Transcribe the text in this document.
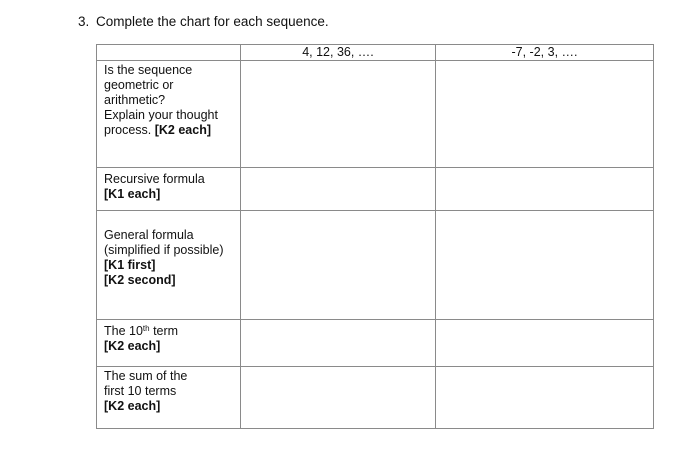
3. Complete the chart for each sequence.
	4, 12, 36, ….	-7, -2, 3, ….

Is the sequence
geometric or
arithmetic?
Explain your thought
process. [K2 each]		

Recursive formula
[K1 each]		

General formula
(simplified if possible)
[K1 first]
[K2 second]		

The 10th term
[K2 each]		

The sum of the
first 10 terms
[K2 each]		
